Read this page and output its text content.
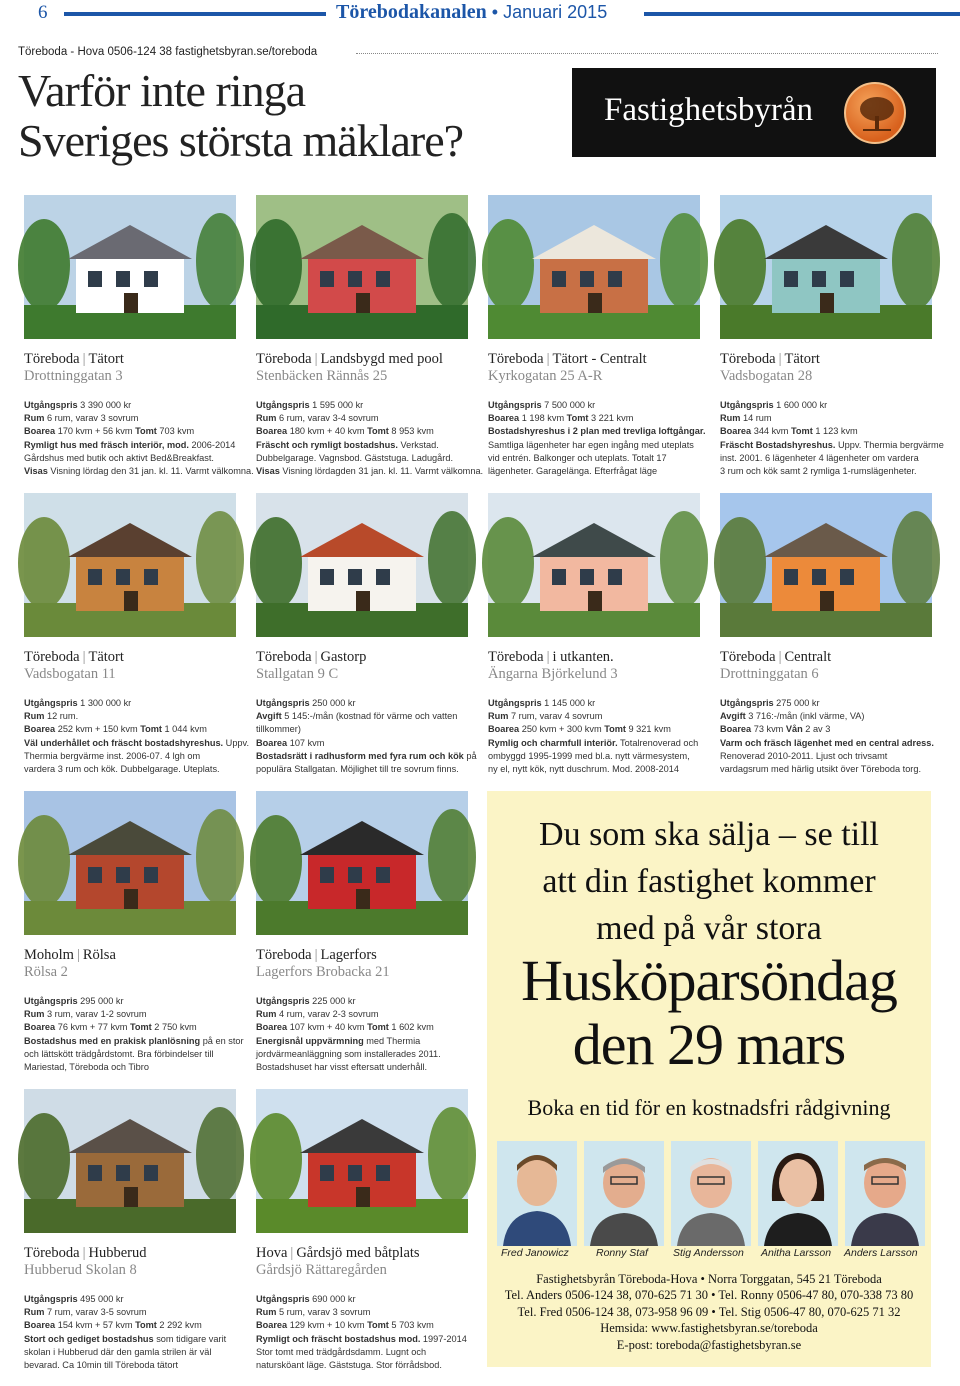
6	Törebodakanalen • Januari 2015
Töreboda - Hova 0506-124 38 fastighetsbyran.se/toreboda
Varför inte ringa
Sveriges största mäklare?
Fastighetsbyrån
Töreboda | Tätort
Drottninggatan 3
Utgångspris 3 390 000 kr
Rum 6 rum, varav 3 sovrum
Boarea 170 kvm + 56 kvm Tomt 703 kvm
Rymligt hus med fräsch interiör, mod. 2006-2014
Gårdshus med butik och aktivt Bed&Breakfast.
Visas Visning lördag den 31 jan. kl. 11. Varmt välkomna.
Töreboda | Landsbygd med pool
Stenbäcken Rännås 25
Utgångspris 1 595 000 kr
Rum 6 rum, varav 3-4 sovrum
Boarea 180 kvm + 40 kvm Tomt 8 953 kvm
Fräscht och rymligt bostadshus. Verkstad.
Dubbelgarage. Vagnsbod. Gäststuga. Ladugård.
Visas Visning lördagden 31 jan. kl. 11. Varmt välkomna.
Töreboda | Tätort - Centralt
Kyrkogatan 25 A-R
Utgångspris 7 500 000 kr
Boarea 1 198 kvm Tomt 3 221 kvm
Bostadshyreshus i 2 plan med trevliga loftgångar.
Samtliga lägenheter har egen ingång med uteplats
vid entrén. Balkonger och uteplats. Totalt 17
lägenheter. Garagelänga. Efterfrågat läge
Töreboda | Tätort
Vadsbogatan 28
Utgångspris 1 600 000 kr
Rum 14 rum
Boarea 344 kvm Tomt 1 123 kvm
Fräscht Bostadshyreshus. Uppv. Thermia bergvärme
inst. 2001. 6 lägenheter 4 lägenheter om vardera
3 rum och kök samt 2 rymliga 1-rumslägenheter.
Töreboda | Tätort
Vadsbogatan 11
Utgångspris 1 300 000 kr
Rum 12 rum.
Boarea 252 kvm + 150 kvm Tomt 1 044 kvm
Väl underhållet och fräscht bostadshyreshus. Uppv.
Thermia bergvärme inst. 2006-07. 4 lgh om
vardera 3 rum och kök. Dubbelgarage. Uteplats.
Töreboda | Gastorp
Stallgatan 9 C
Utgångspris 250 000 kr
Avgift 5 145:-/mån (kostnad för värme och vatten
tillkommer)
Boarea 107 kvm
Bostadsrätt i radhusform med fyra rum och kök på
populära Stallgatan. Möjlighet till tre sovrum finns.
Töreboda | i utkanten.
Ängarna Björkelund 3
Utgångspris 1 145 000 kr
Rum 7 rum, varav 4 sovrum
Boarea 250 kvm + 300 kvm Tomt 9 321 kvm
Rymlig och charmfull interiör. Totalrenoverad och
ombyggd 1995-1999 med bl.a. nytt värmesystem,
ny el, nytt kök, nytt duschrum. Mod. 2008-2014
Töreboda | Centralt
Drottninggatan 6
Utgångspris 275 000 kr
Avgift 3 716:-/mån (inkl värme, VA)
Boarea 73 kvm Vån 2 av 3
Varm och fräsch lägenhet med en central adress.
Renoverad 2010-2011. Ljust och trivsamt
vardagsrum med härlig utsikt över Töreboda torg.
Moholm | Rölsa
Rölsa 2
Utgångspris 295 000 kr
Rum 3 rum, varav 1-2 sovrum
Boarea 76 kvm + 77 kvm Tomt 2 750 kvm
Bostadshus med en prakisk planlösning på en stor
och lättskött trädgårdstomt. Bra förbindelser till
Mariestad, Töreboda och Tibro
Töreboda | Lagerfors
Lagerfors Brobacka 21
Utgångspris 225 000 kr
Rum 4 rum, varav 2-3 sovrum
Boarea 107 kvm + 40 kvm Tomt 1 602 kvm
Energisnål uppvärmning med Thermia
jordvärmeanläggning som installerades 2011.
Bostadshuset har visst eftersatt underhåll.
Töreboda | Hubberud
Hubberud Skolan 8
Utgångspris 495 000 kr
Rum 7 rum, varav 3-5 sovrum
Boarea 154 kvm + 57 kvm Tomt 2 292 kvm
Stort och gediget bostadshus som tidigare varit
skolan i Hubberud där den gamla strilen är väl
bevarad. Ca 10min till Töreboda tätort
Hova | Gårdsjö med båtplats
Gårdsjö Rättaregården
Utgångspris 690 000 kr
Rum 5 rum, varav 3 sovrum
Boarea 129 kvm + 10 kvm Tomt 5 703 kvm
Rymligt och fräscht bostadshus mod. 1997-2014
Stor tomt med trädgårdsdamm. Lugnt och
natursköant läge. Gäststuga. Stor förrådsbod.
Du som ska sälja – se till
att din fastighet kommer
med på vår stora
Husköparsöndag
den 29 mars
Boka en tid för en kostnadsfri rådgivning
Fred Janowicz	Ronny Staf Stig Andersson Anitha Larsson Anders Larsson
Fastighetsbyrån Töreboda-Hova • Norra Torggatan, 545 21 Töreboda
Tel. Anders 0506-124 38, 070-625 71 30 • Tel. Ronny 0506-47 80, 070-338 73 80
Tel. Fred 0506-124 38, 073-958 96 09 • Tel. Stig 0506-47 80, 070-625 71 32
Hemsida: www.fastighetsbyran.se/toreboda
E-post: toreboda@fastighetsbyran.se
